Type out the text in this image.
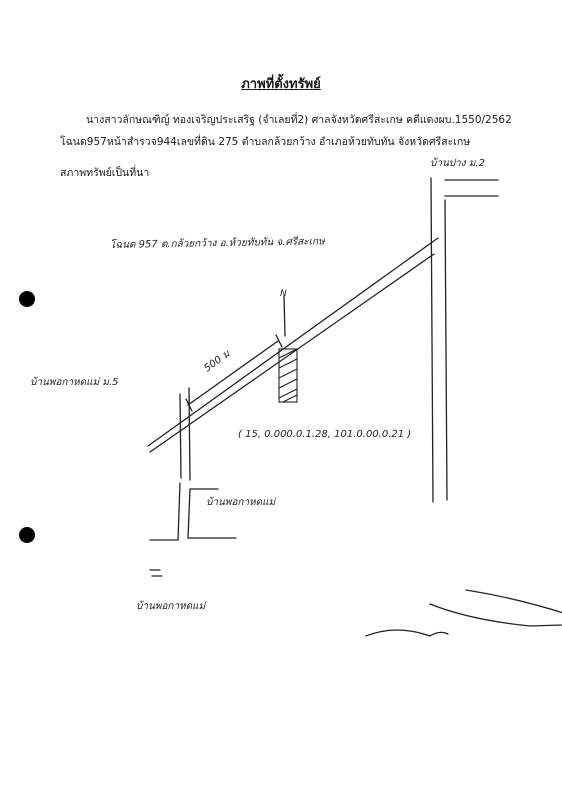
ภาพที่ตั้งทรัพย์
นางสาวลักษณฑิญ์ ทองเจริญประเสริฐ (จำเลยที่2) ศาลจังหวัดศรีสะเกษ คดีแดงผบ.1550/2562
โฉนด957หน้าสำรวจ944เลขที่ดิน 275 ตำบลกล้วยกว้าง อำเภอห้วยทับทัน จังหวัดศรีสะเกษ
สภาพทรัพย์เป็นที่นา
บ้านปาง ม.2
โฉนด 957 ต.กล้วยกว้าง อ.ห้วยทับทัน จ.ศรีสะเกษ
บ้านพอกาหดแม่ ม.5
500 ม
N
( 15, 0.000.0.1.28, 101.0.00.0.21 )
บ้านพอกาหดแม่
บ้านพอกาหดแม่
